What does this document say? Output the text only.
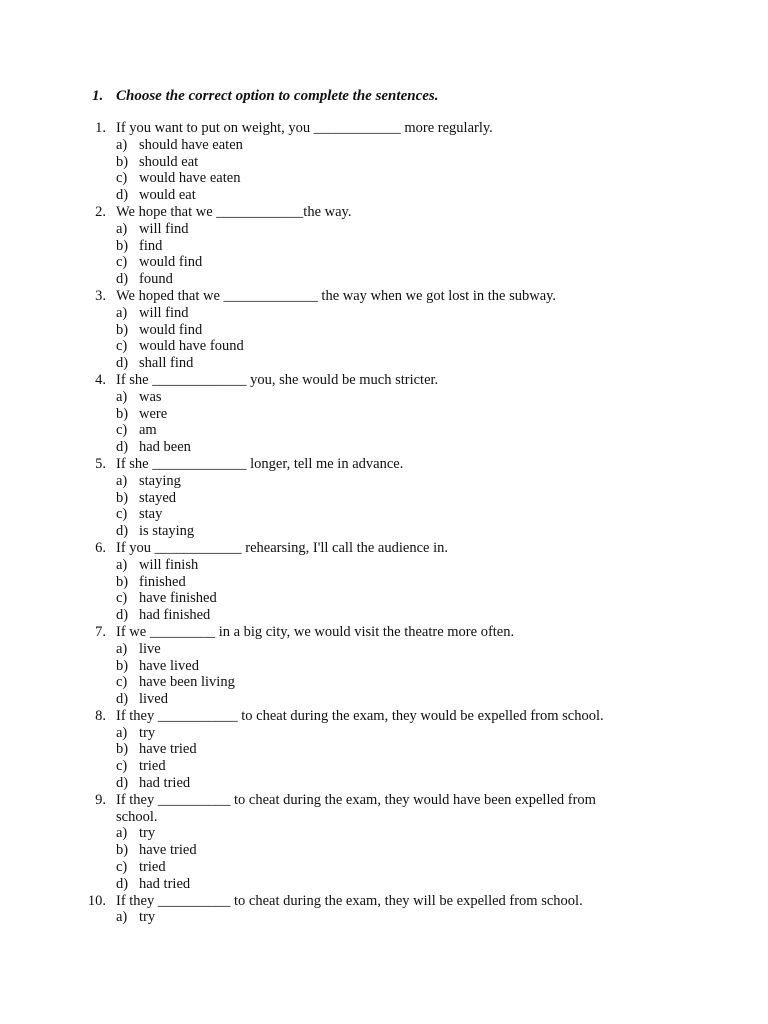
1. Choose the correct option to complete the sentences.
1. If you want to put on weight, you ____________ more regularly.
a) should have eaten
b) should eat
c) would have eaten
d) would eat
2. We hope that we ____________the way.
a) will find
b) find
c) would find
d) found
3. We hoped that we _____________ the way when we got lost in the subway.
a) will find
b) would find
c) would have found
d) shall find
4. If she _____________ you, she would be much stricter.
a) was
b) were
c) am
d) had been
5. If she _____________ longer, tell me in advance.
a) staying
b) stayed
c) stay
d) is staying
6. If you ____________ rehearsing, I'll call the audience in.
a) will finish
b) finished
c) have finished
d) had finished
7. If we _________ in a big city, we would visit the theatre more often.
a) live
b) have lived
c) have been living
d) lived
8. If they ___________ to cheat during the exam, they would be expelled from school.
a) try
b) have tried
c) tried
d) had tried
9. If they __________ to cheat during the exam, they would have been expelled from
school.
a) try
b) have tried
c) tried
d) had tried
10. If they __________ to cheat during the exam, they will be expelled from school.
a) try
